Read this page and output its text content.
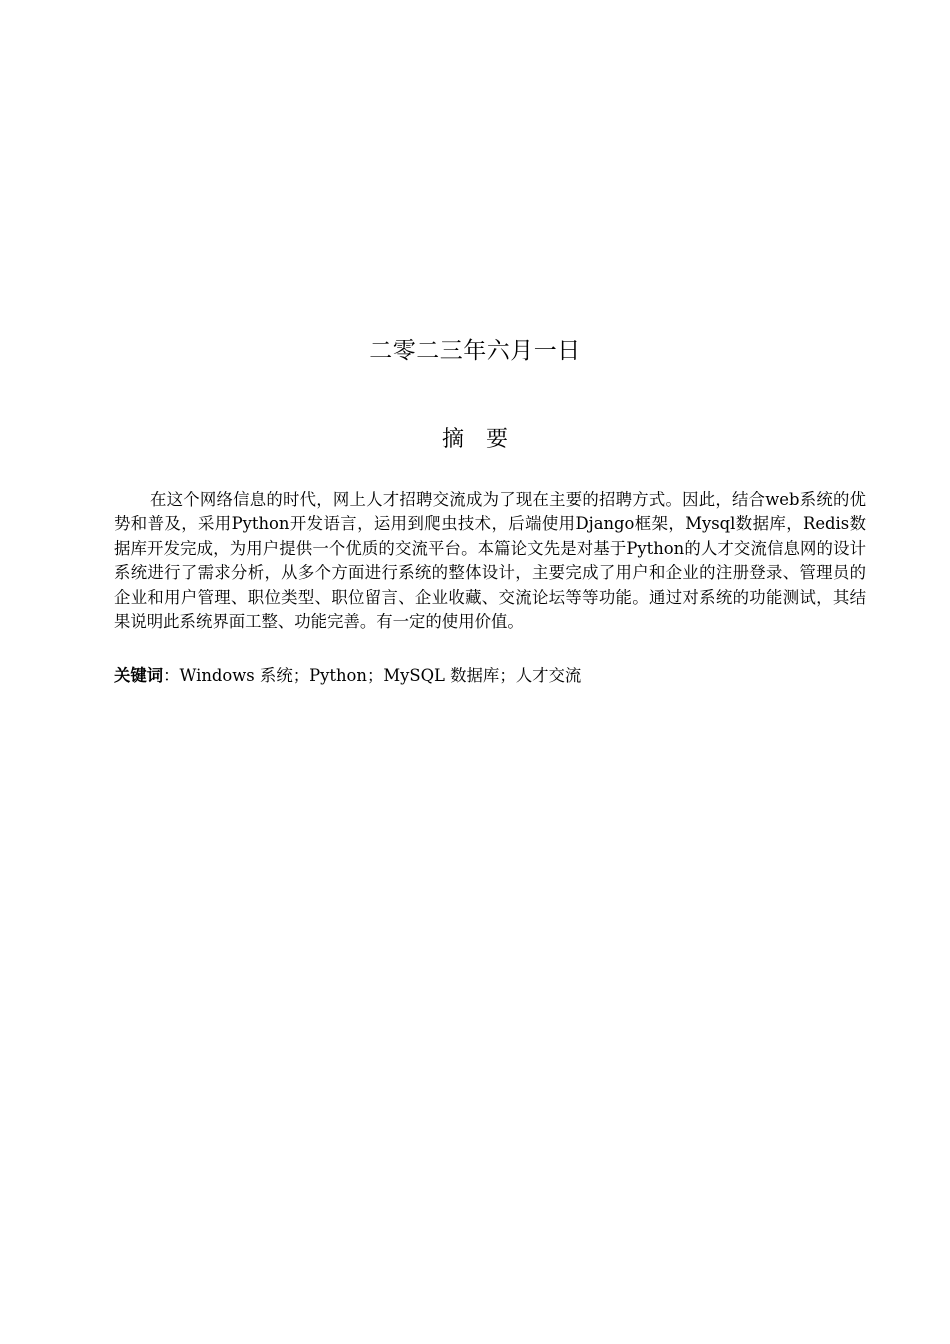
二零二三年六月一日
摘 要

在这个网络信息的时代，网上人才招聘交流成为了现在主要的招聘方式。因此，结合web系统的优势和普及，采用Python开发语言，运用到爬虫技术，后端使用Django框架，Mysql数据库，Redis数据库开发完成，为用户提供一个优质的交流平台。本篇论文先是对基于Python的人才交流信息网的设计系统进行了需求分析，从多个方面进行系统的整体设计，主要完成了用户和企业的注册登录、管理员的企业和用户管理、职位类型、职位留言、企业收藏、交流论坛等等功能。通过对系统的功能测试，其结果说明此系统界面工整、功能完善。有一定的使用价值。

关键词：Windows 系统；Python；MySQL 数据库；人才交流
